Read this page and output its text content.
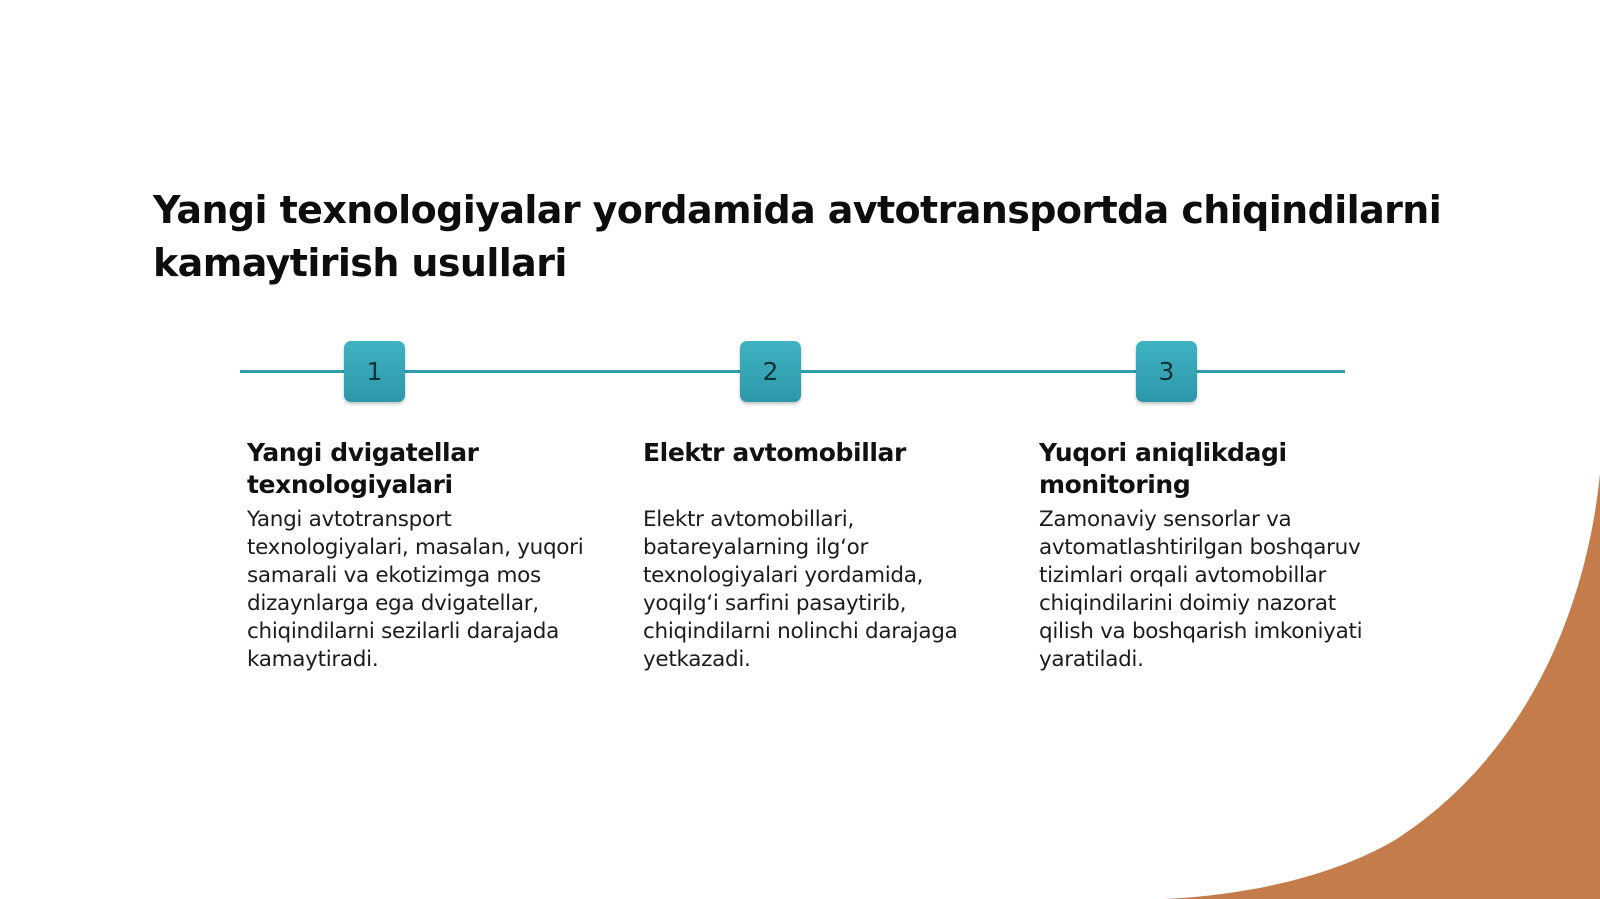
Yangi texnologiyalar yordamida avtotransportda chiqindilarni kamaytirish usullari
1	2	3
Yangi dvigatellar texnologiyalari

Yangi avtotransport texnologiyalari, masalan, yuqori samarali va ekotizimga mos dizaynlarga ega dvigatellar, chiqindilarni sezilarli darajada kamaytiradi.

Elektr avtomobillar

Elektr avtomobillari, batareyalarning ilg‘or texnologiyalari yordamida, yoqilg‘i sarfini pasaytirib, chiqindilarni nolinchi darajaga yetkazadi.

Yuqori aniqlikdagi monitoring

Zamonaviy sensorlar va avtomatlashtirilgan boshqaruv tizimlari orqali avtomobillar chiqindilarini doimiy nazorat qilish va boshqarish imkoniyati yaratiladi.
